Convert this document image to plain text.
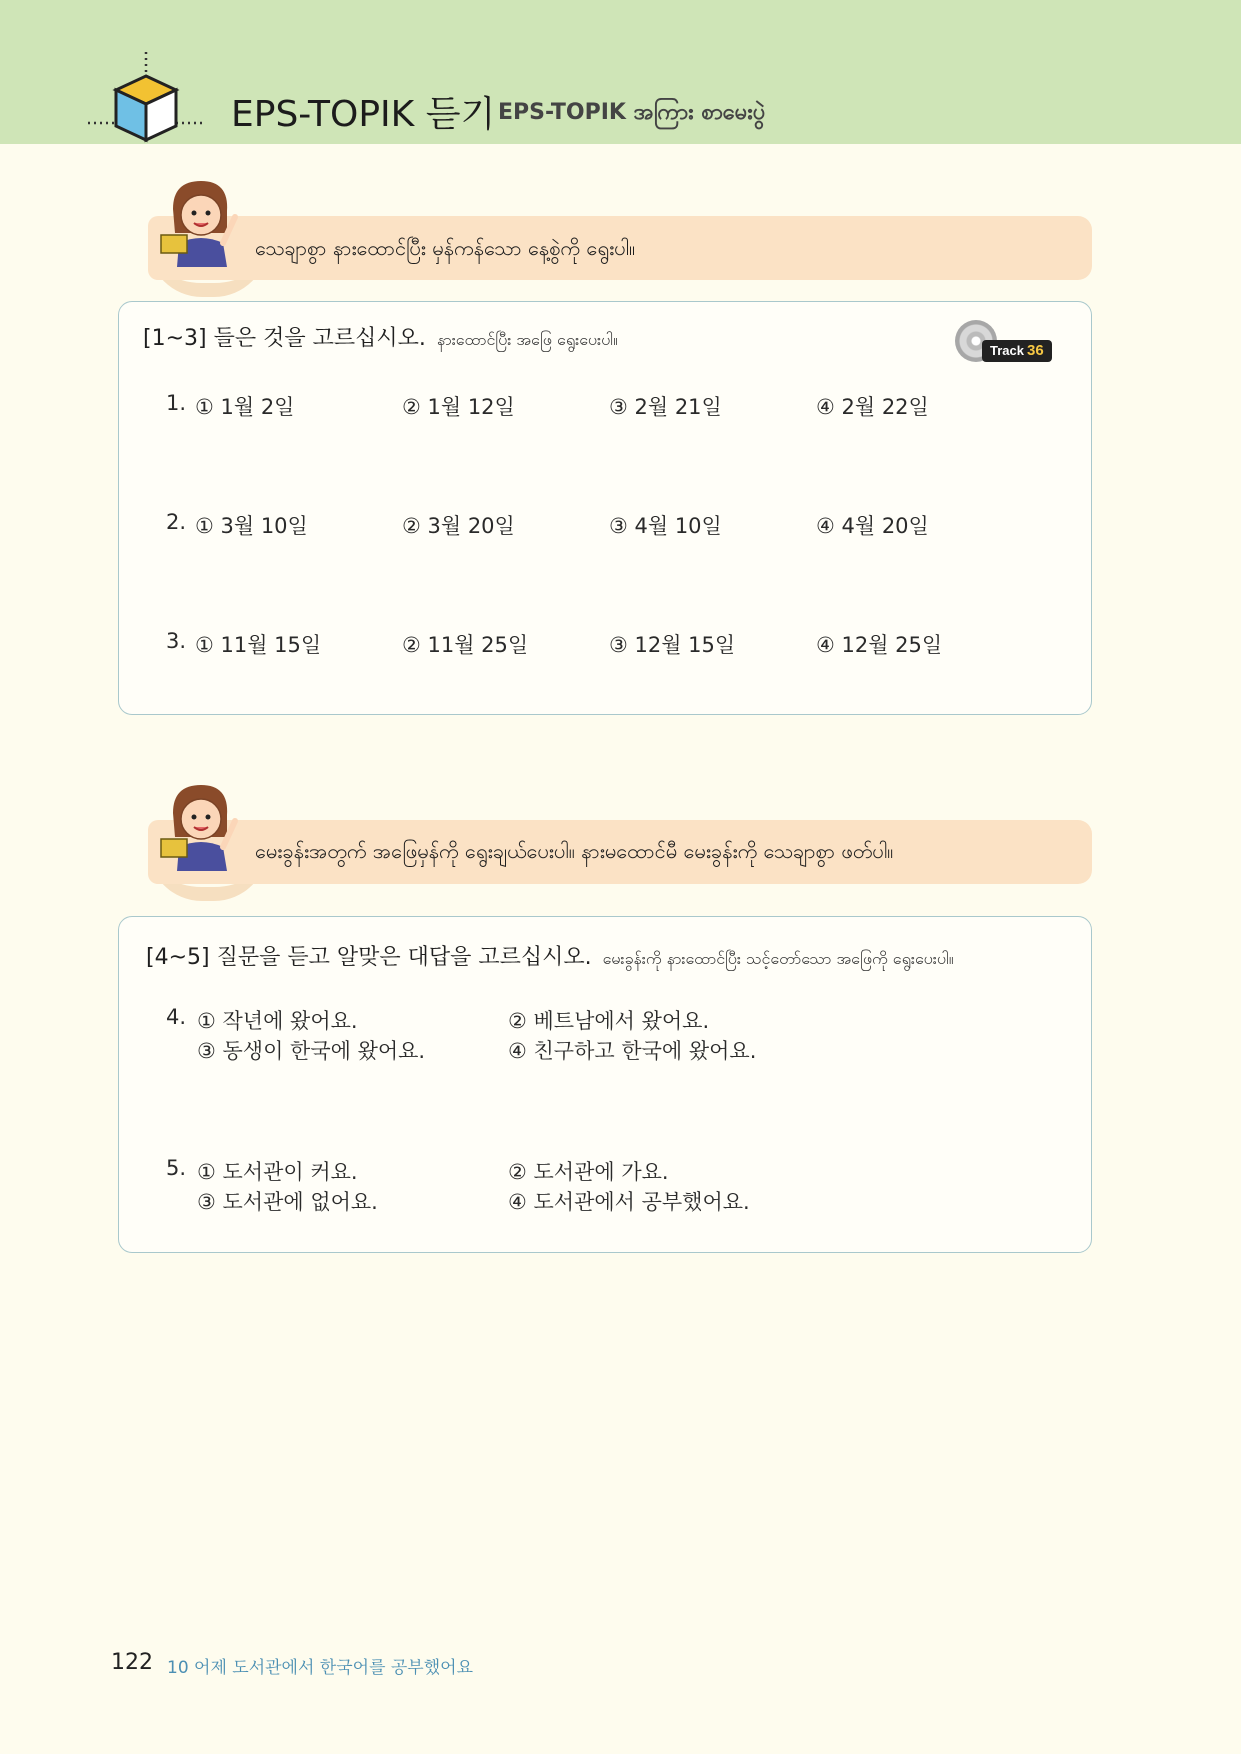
EPS-TOPIK 듣기 EPS-TOPIK အကြား စာမေးပွဲ
သေချာစွာ နားထောင်ပြီး မှန်ကန်သော နေ့စွဲကို ရွေးပါ။
[1~3] 들은 것을 고르십시오. နားထောင်ပြီး အဖြေ ရွေးပေးပါ။
Track 36
1. ① 1월 2일	② 1월 12일	③ 2월 21일	④ 2월 22일
2. ① 3월 10일	② 3월 20일	③ 4월 10일	④ 4월 20일
3. ① 11월 15일	② 11월 25일	③ 12월 15일	④ 12월 25일
မေးခွန်းအတွက် အဖြေမှန်ကို ရွေးချယ်ပေးပါ။ နားမထောင်မီ မေးခွန်းကို သေချာစွာ ဖတ်ပါ။
[4~5] 질문을 듣고 알맞은 대답을 고르십시오. မေးခွန်းကို နားထောင်ပြီး သင့်တော်သော အဖြေကို ရွေးပေးပါ။
4. ① 작년에 왔어요.	② 베트남에서 왔어요.
③ 동생이 한국에 왔어요.	④ 친구하고 한국에 왔어요.
5. ① 도서관이 커요.	② 도서관에 가요.
③ 도서관에 없어요.	④ 도서관에서 공부했어요.
122 10 어제 도서관에서 한국어를 공부했어요
